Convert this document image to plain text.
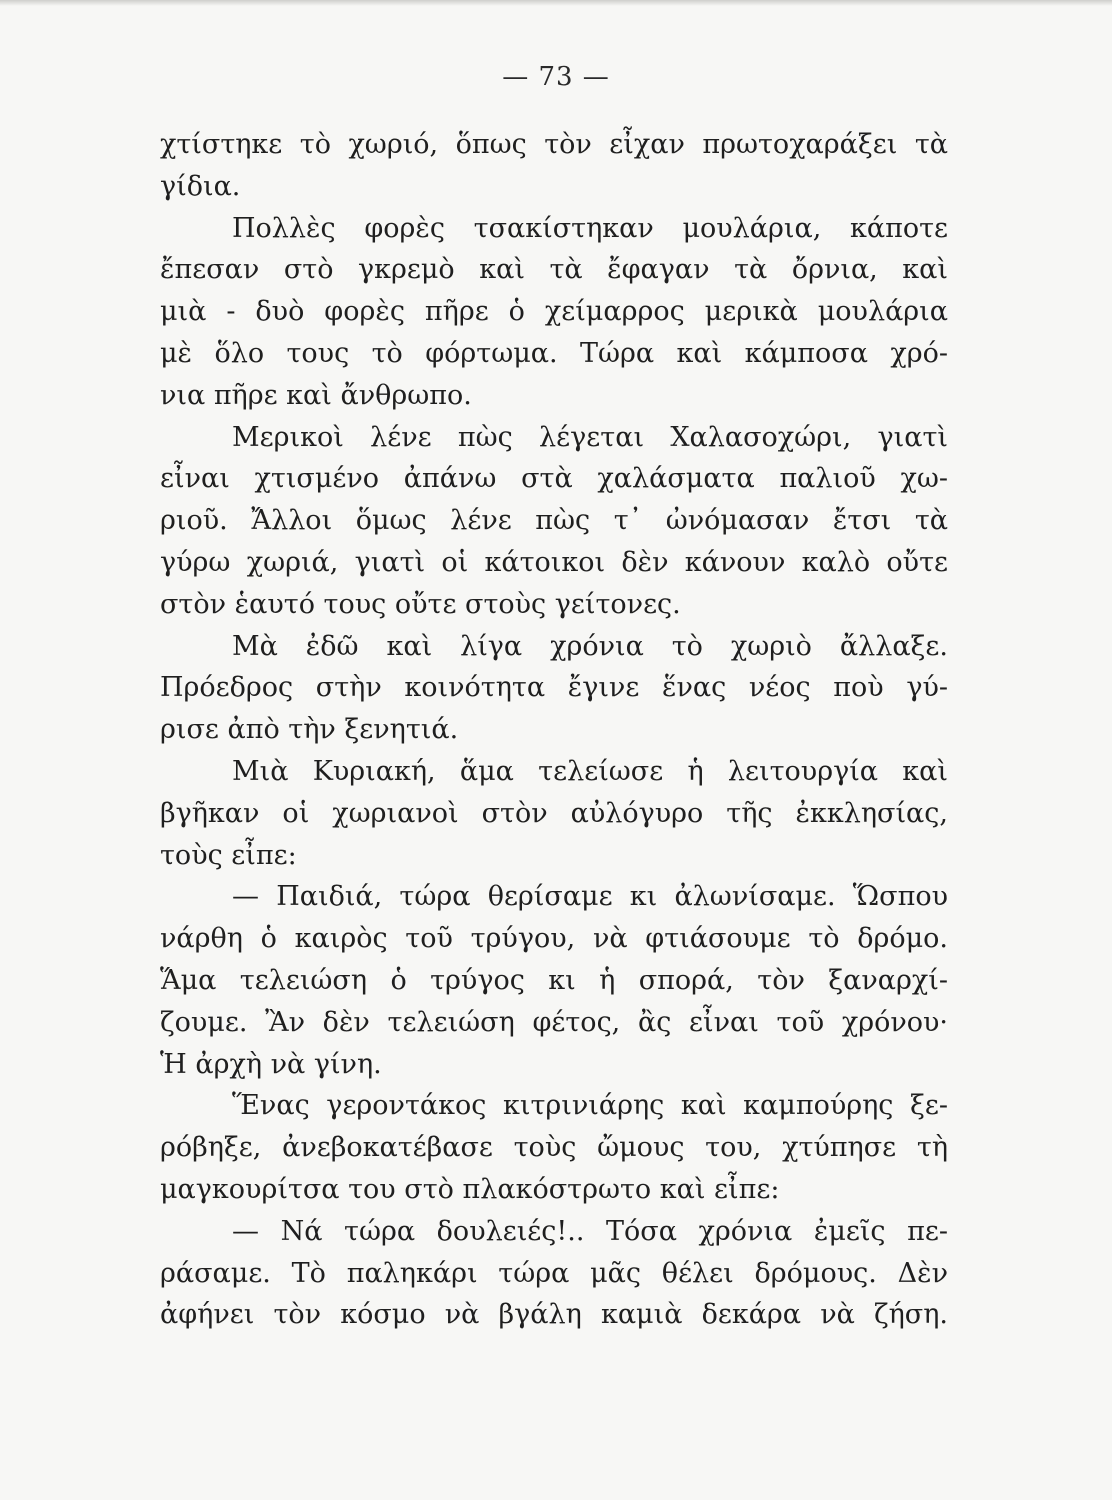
— 73 —
χτίστηκε τὸ χωριό, ὅπως τὸν εἶχαν πρωτοχαράξει τὰ
γίδια.
Πολλὲς φορὲς τσακίστηκαν μουλάρια, κάποτε
ἔπεσαν στὸ γκρεμὸ καὶ τὰ ἔφαγαν τὰ ὄρνια, καὶ
μιὰ - δυὸ φορὲς πῆρε ὁ χείμαρρος μερικὰ μουλάρια
μὲ ὅλο τους τὸ φόρτωμα. Τώρα καὶ κάμποσα χρό-
νια πῆρε καὶ ἄνθρωπο.
Μερικοὶ λένε πὼς λέγεται Χαλασοχώρι, γιατὶ
εἶναι χτισμένο ἀπάνω στὰ χαλάσματα παλιοῦ χω-
ριοῦ. Ἄλλοι ὅμως λένε πὼς τ᾿ ὠνόμασαν ἔτσι τὰ
γύρω χωριά, γιατὶ οἱ κάτοικοι δὲν κάνουν καλὸ οὔτε
στὸν ἑαυτό τους οὔτε στοὺς γείτονες.
Μὰ ἐδῶ καὶ λίγα χρόνια τὸ χωριὸ ἄλλαξε.
Πρόεδρος στὴν κοινότητα ἔγινε ἕνας νέος ποὺ γύ-
ρισε ἀπὸ τὴν ξενητιά.
Μιὰ Κυριακή, ἅμα τελείωσε ἡ λειτουργία καὶ
βγῆκαν οἱ χωριανοὶ στὸν αὐλόγυρο τῆς ἐκκλησίας,
τοὺς εἶπε:
— Παιδιά, τώρα θερίσαμε κι ἀλωνίσαμε. Ὥσπου
νάρθη ὁ καιρὸς τοῦ τρύγου, νὰ φτιάσουμε τὸ δρόμο.
Ἅμα τελειώση ὁ τρύγος κι ἡ σπορά, τὸν ξαναρχί-
ζουμε. Ἂν δὲν τελειώση φέτος, ἂς εἶναι τοῦ χρόνου·
Ἡ ἀρχὴ νὰ γίνη.
Ἕνας γεροντάκος κιτρινιάρης καὶ καμπούρης ξε-
ρόβηξε, ἀνεβοκατέβασε τοὺς ὤμους του, χτύπησε τὴ
μαγκουρίτσα του στὸ πλακόστρωτο καὶ εἶπε:
— Νά τώρα δουλειές!.. Τόσα χρόνια ἐμεῖς πε-
ράσαμε. Τὸ παληκάρι τώρα μᾶς θέλει δρόμους. Δὲν
ἀφήνει τὸν κόσμο νὰ βγάλη καμιὰ δεκάρα νὰ ζήση.
